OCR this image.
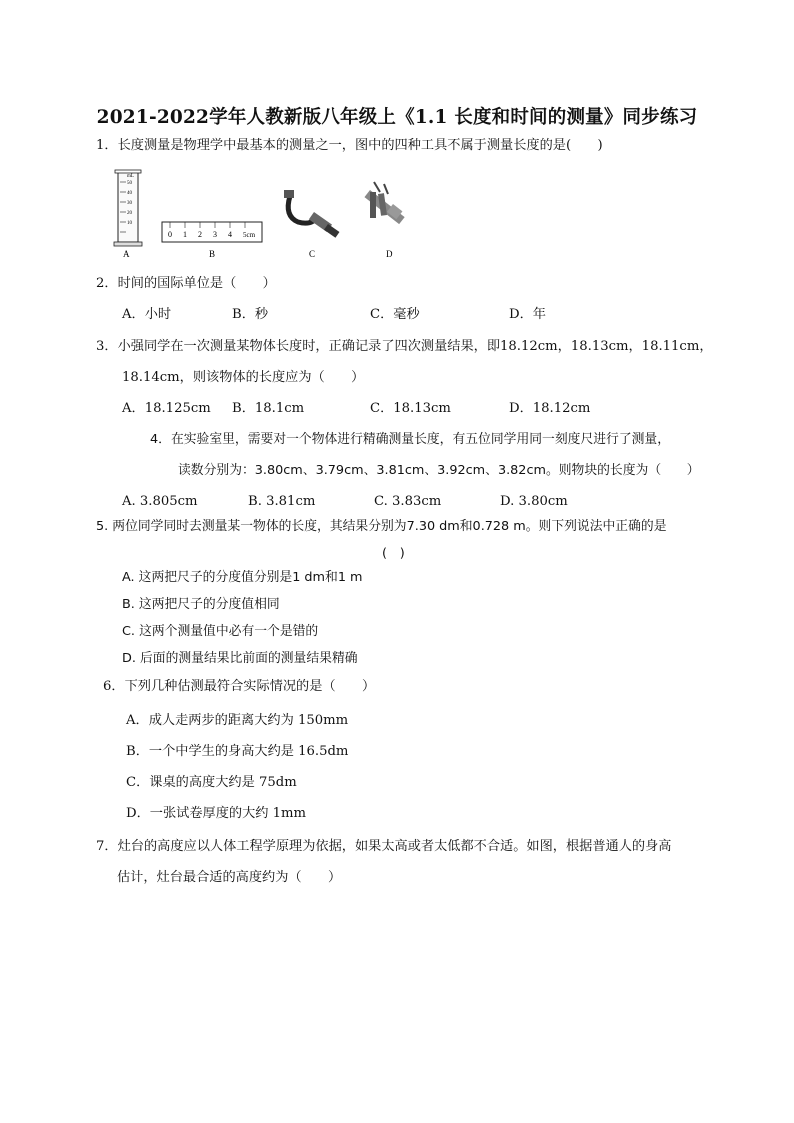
2021-2022学年人教新版八年级上《1.1 长度和时间的测量》同步练习
1．长度测量是物理学中最基本的测量之一，图中的四种工具不属于测量长度的是(　　)
mL
50
40
30
20
10
0 1 2 3 4 5cm
A	B	C	D
2．时间的国际单位是（　　）
A．小时	B．秒	C．毫秒	D．年
3．小强同学在一次测量某物体长度时，正确记录了四次测量结果，即18.12cm，18.13cm，18.11cm，
18.14cm，则该物体的长度应为（　　）
A．18.125cm B．18.1cm	C．18.13cm	D．18.12cm
4．在实验室里，需要对一个物体进行精确测量长度，有五位同学用同一刻度尺进行了测量，
读数分别为：3.80cm、3.79cm、3.81cm、3.92cm、3.82cm。则物块的长度为（　　）
A. 3.805cm	B. 3.81cm	C. 3.83cm	D. 3.80cm
5. 两位同学同时去测量某一物体的长度，其结果分别为7.30 dm和0.728 m。则下列说法中正确的是
(　)
A. 这两把尺子的分度值分别是1 dm和1 m
B. 这两把尺子的分度值相同
C. 这两个测量值中必有一个是错的
D. 后面的测量结果比前面的测量结果精确
6．下列几种估测最符合实际情况的是（　　）
A．成人走两步的距离大约为 150mm
B．一个中学生的身高大约是 16.5dm
C．课桌的高度大约是 75dm
D．一张试卷厚度的大约 1mm
7．灶台的高度应以人体工程学原理为依据，如果太高或者太低都不合适。如图，根据普通人的身高
估计，灶台最合适的高度约为（　　）
